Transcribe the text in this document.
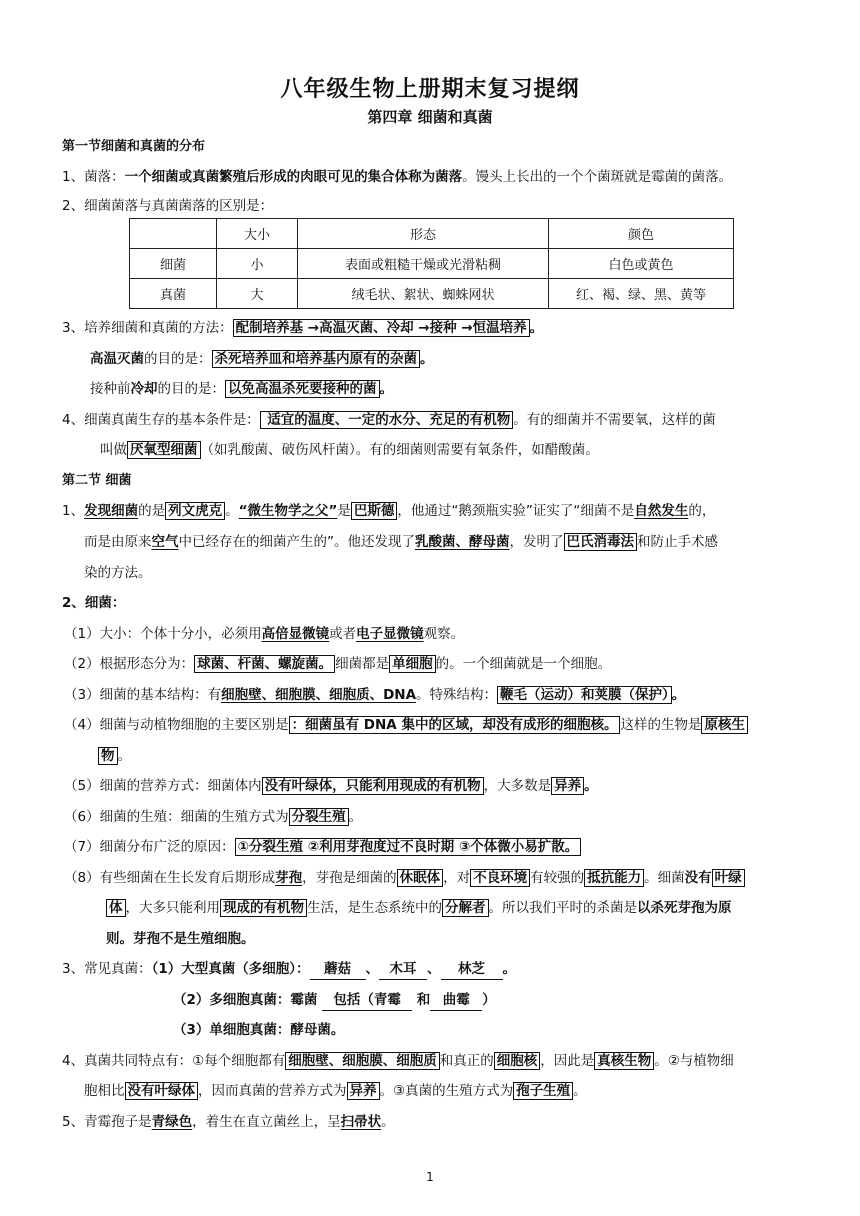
八年级生物上册期末复习提纲
第四章 细菌和真菌
第一节细菌和真菌的分布
1、菌落：一个细菌或真菌繁殖后形成的肉眼可见的集合体称为菌落。馒头上长出的一个个菌斑就是霉菌的菌落。
2、细菌菌落与真菌菌落的区别是：
	大小	形态	颜色
细菌	小	表面或粗糙干燥或光滑粘稠	白色或黄色
真菌	大	绒毛状、絮状、蜘蛛网状	红、褐、绿、黑、黄等
3、培养细菌和真菌的方法： 配制培养基 →高温灭菌、冷却 →接种 →恒温培养 。
高温灭菌的目的是： 杀死培养皿和培养基内原有的杂菌 。
接种前冷却的目的是： 以免高温杀死要接种的菌 。
4、细菌真菌生存的基本条件是： 适宜的温度、一定的水分、充足的有机物 。有的细菌并不需要氧，这样的菌
叫做 厌氧型细菌 （如乳酸菌、破伤风杆菌）。有的细菌则需要有氧条件，如醋酸菌。
第二节 细菌
1、发现细菌的是 列文虎克 。“微生物学之父”是 巴斯德 ，他通过“鹅颈瓶实验”证实了“细菌不是自然发生的，
而是由原来空气中已经存在的细菌产生的”。他还发现了乳酸菌、酵母菌，发明了 巴氏消毒法 和防止手术感
染的方法。
2、细菌：
（1）大小：个体十分小，必须用高倍显微镜或者电子显微镜观察。
（2）根据形态分为： 球菌、杆菌、螺旋菌。 细菌都是 单细胞 的。一个细菌就是一个细胞。
（3）细菌的基本结构：有细胞壁、细胞膜、细胞质、DNA。特殊结构： 鞭毛（运动）和荚膜（保护） 。
（4）细菌与动植物细胞的主要区别是 ：细菌虽有 DNA 集中的区域，却没有成形的细胞核。 这样的生物是 原核生
物 。
（5）细菌的营养方式：细菌体内 没有叶绿体，只能利用现成的有机物 ，大多数是 异养 。
（6）细菌的生殖：细菌的生殖方式为 分裂生殖 。
（7）细菌分布广泛的原因： ①分裂生殖 ②利用芽孢度过不良时期 ③个体微小易扩散。
（8）有些细菌在生长发育后期形成芽孢，芽孢是细菌的 休眠体 ，对 不良环境 有较强的 抵抗能力 。细菌没有 叶绿
体 ，大多只能利用 现成的有机物 生活，是生态系统中的 分解者 。所以我们平时的杀菌是以杀死芽孢为原
则。芽孢不是生殖细胞。
3、常见真菌：（1）大型真菌（多细胞）： 蘑菇 、 木耳 、 林芝 。
（2）多细胞真菌：霉菌 包括（青霉 和 曲霉 ）
（3）单细胞真菌：酵母菌。
4、真菌共同特点有：①每个细胞都有 细胞壁、细胞膜、细胞质 和真正的 细胞核 ，因此是 真核生物 。②与植物细
胞相比 没有叶绿体 ，因而真菌的营养方式为 异养 。③真菌的生殖方式为 孢子生殖 。
5、青霉孢子是青绿色，着生在直立菌丝上，呈扫帚状。
1
